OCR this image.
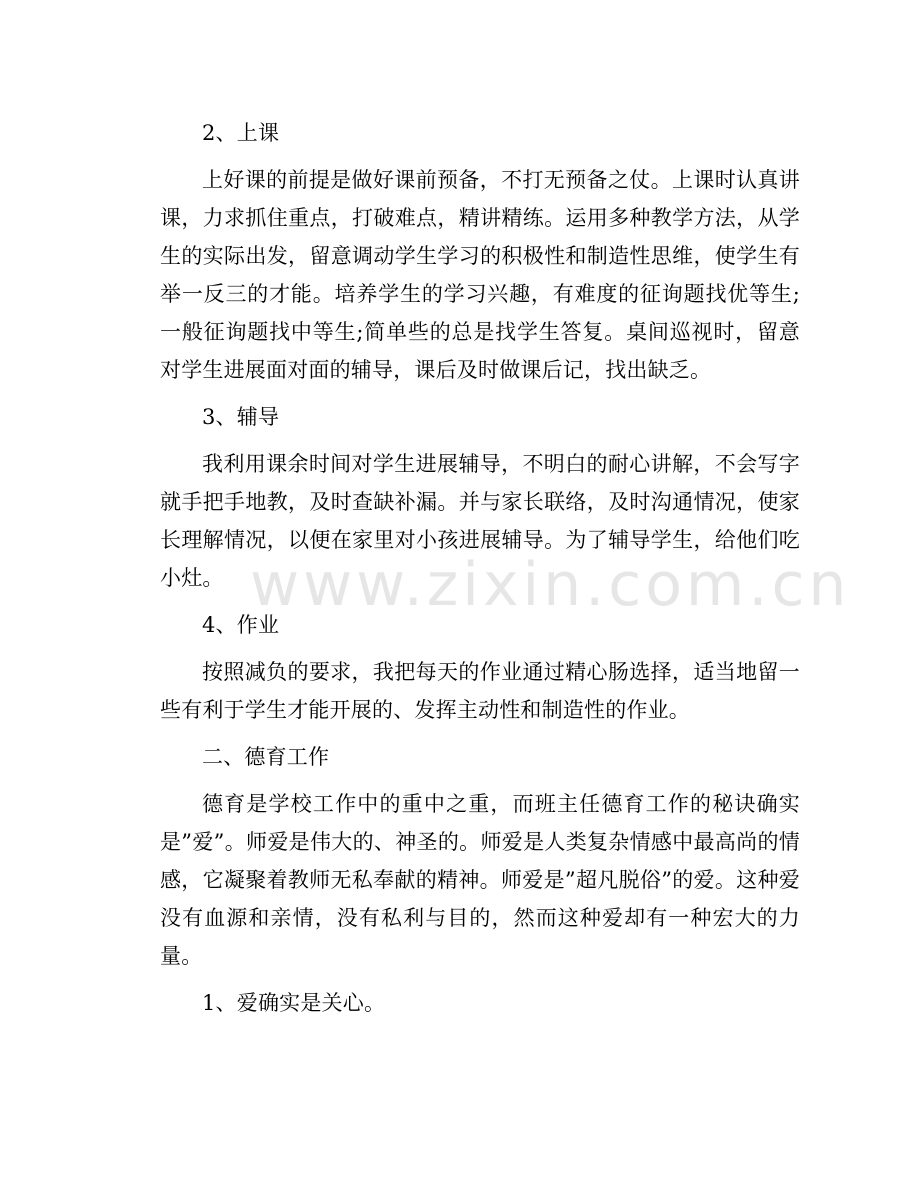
www.zixin.com.cn

2、上课

上好课的前提是做好课前预备，不打无预备之仗。上课时认真讲课，力求抓住重点，打破难点，精讲精练。运用多种教学方法，从学生的实际出发，留意调动学生学习的积极性和制造性思维，使学生有举一反三的才能。培养学生的学习兴趣，有难度的征询题找优等生;一般征询题找中等生;简单些的总是找学生答复。桌间巡视时，留意对学生进展面对面的辅导，课后及时做课后记，找出缺乏。

3、辅导

我利用课余时间对学生进展辅导，不明白的耐心讲解，不会写字就手把手地教，及时查缺补漏。并与家长联络，及时沟通情况，使家长理解情况，以便在家里对小孩进展辅导。为了辅导学生，给他们吃小灶。

4、作业

按照减负的要求，我把每天的作业通过精心肠选择，适当地留一些有利于学生才能开展的、发挥主动性和制造性的作业。

二、德育工作

德育是学校工作中的重中之重，而班主任德育工作的秘诀确实是”爱”。师爱是伟大的、神圣的。师爱是人类复杂情感中最高尚的情感，它凝聚着教师无私奉献的精神。师爱是”超凡脱俗”的爱。这种爱没有血源和亲情，没有私利与目的，然而这种爱却有一种宏大的力量。

1、爱确实是关心。
